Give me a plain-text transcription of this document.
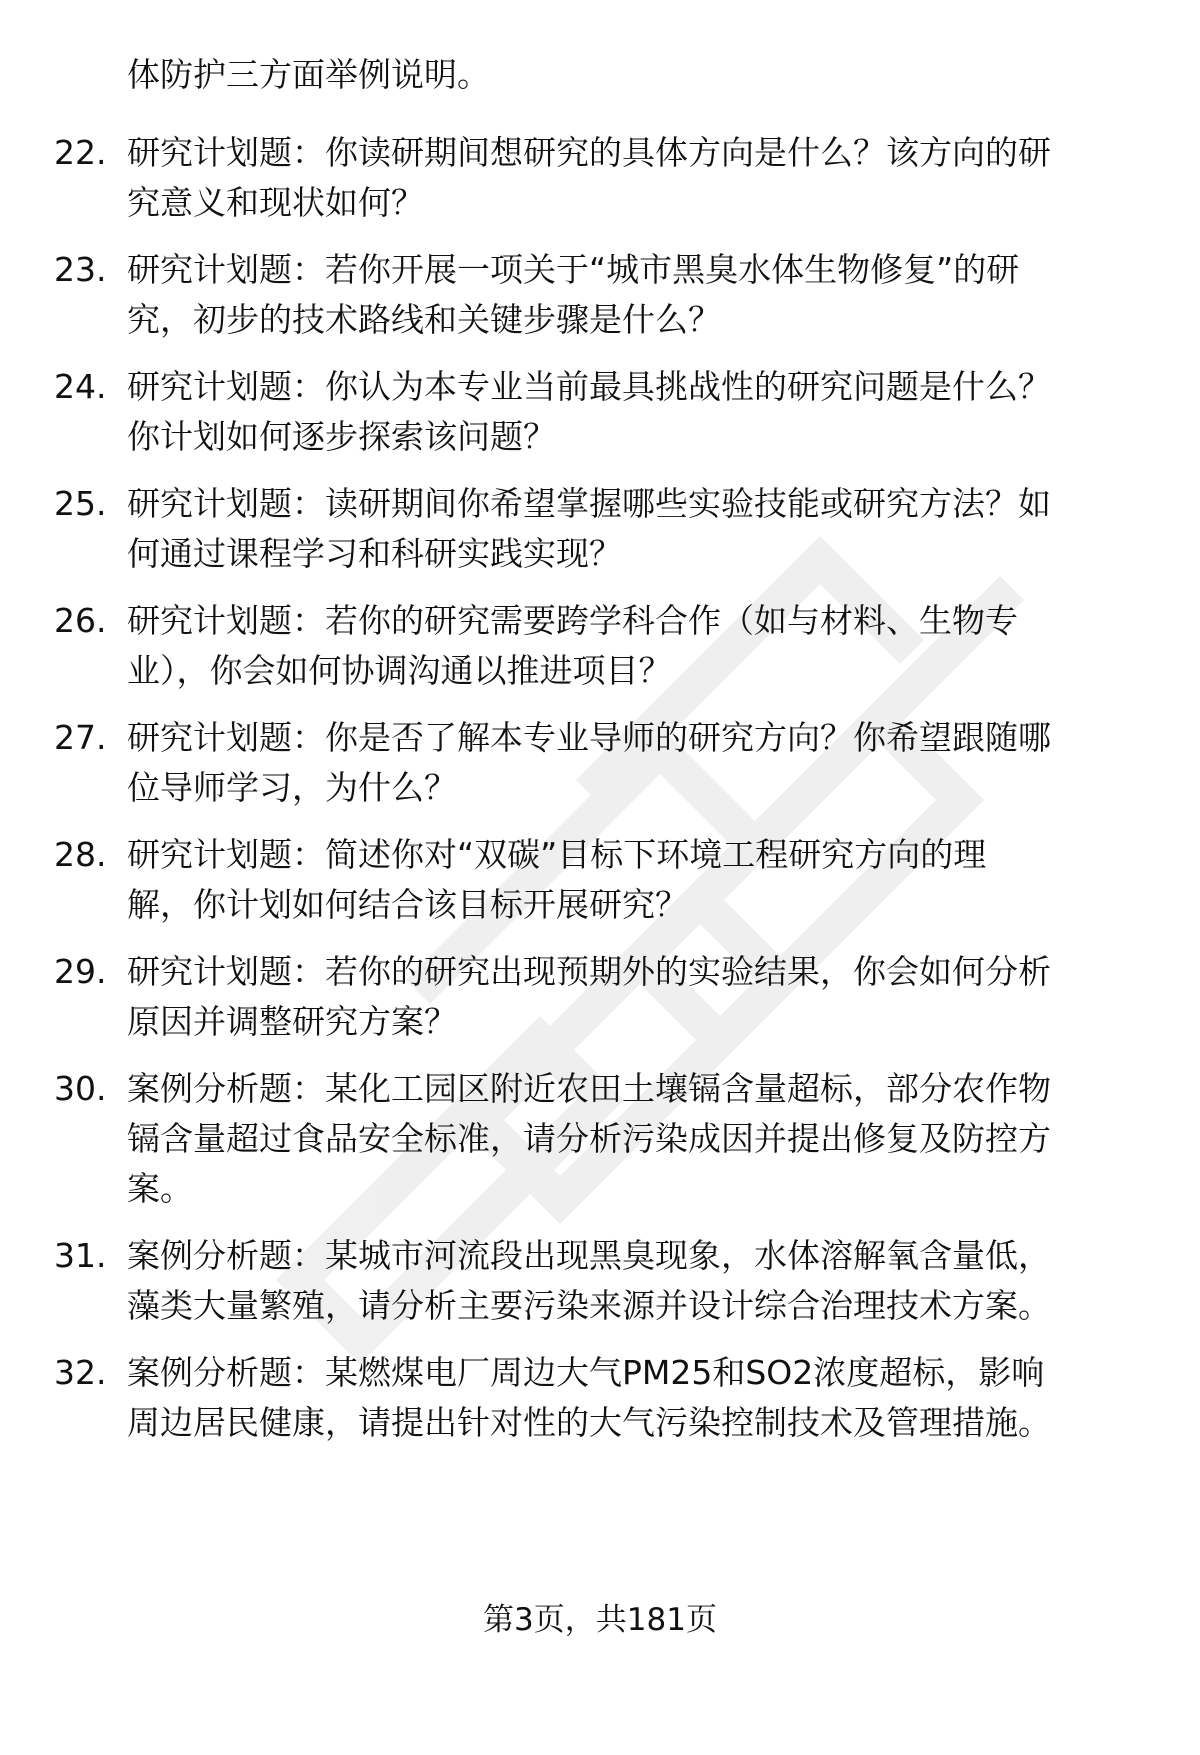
体防护三方面举例说明。
22. 研究计划题：你读研期间想研究的具体方向是什么？该方向的研
究意义和现状如何？
23. 研究计划题：若你开展一项关于“城市黑臭水体生物修复”的研
究，初步的技术路线和关键步骤是什么？
24. 研究计划题：你认为本专业当前最具挑战性的研究问题是什么？
你计划如何逐步探索该问题？
25. 研究计划题：读研期间你希望掌握哪些实验技能或研究方法？如
何通过课程学习和科研实践实现？
26. 研究计划题：若你的研究需要跨学科合作（如与材料、生物专
业），你会如何协调沟通以推进项目？
27. 研究计划题：你是否了解本专业导师的研究方向？你希望跟随哪
位导师学习，为什么？
28. 研究计划题：简述你对“双碳”目标下环境工程研究方向的理
解，你计划如何结合该目标开展研究？
29. 研究计划题：若你的研究出现预期外的实验结果，你会如何分析
原因并调整研究方案？
30. 案例分析题：某化工园区附近农田土壤镉含量超标，部分农作物
镉含量超过食品安全标准，请分析污染成因并提出修复及防控方
案。
31. 案例分析题：某城市河流段出现黑臭现象，水体溶解氧含量低，
藻类大量繁殖，请分析主要污染来源并设计综合治理技术方案。
32. 案例分析题：某燃煤电厂周边大气PM25和SO2浓度超标，影响
周边居民健康，请提出针对性的大气污染控制技术及管理措施。
第3页，共181页
